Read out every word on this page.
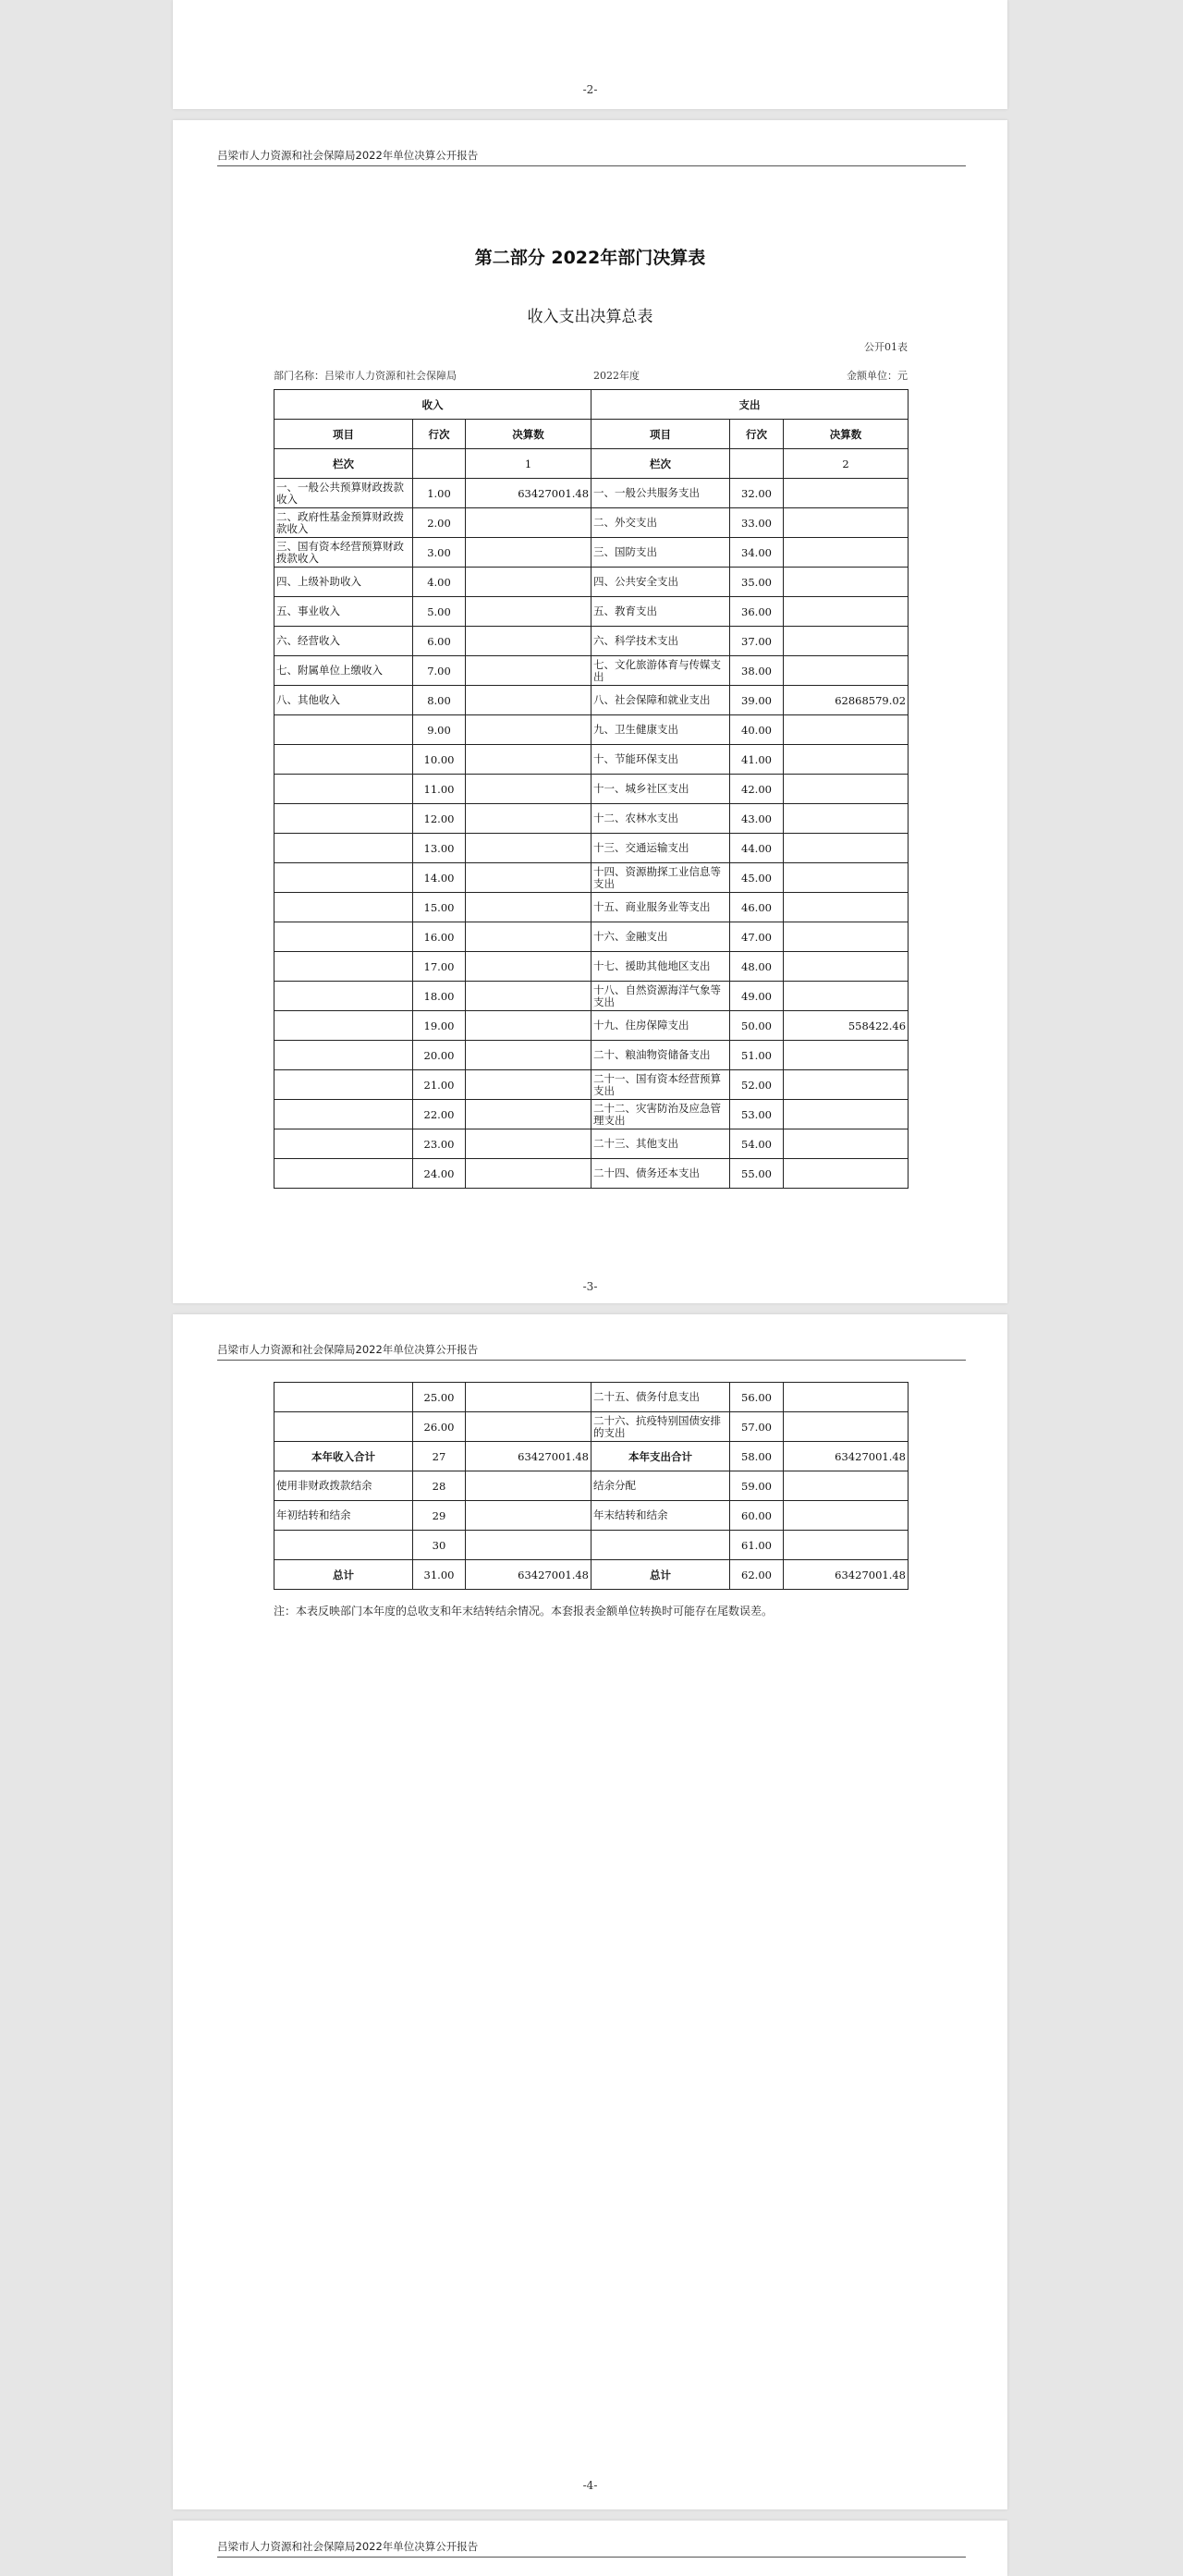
-2-
吕梁市人力资源和社会保障局2022年单位决算公开报告
第二部分 2022年部门决算表
收入支出决算总表
公开01表
部门名称：吕梁市人力资源和社会保障局	2022年度	金额单位：元
收入			支出		
项目	行次	决算数	项目	行次	决算数
栏次		1	栏次		2
一、一般公共预算财政拨款收入	1.00	63427001.48	一、一般公共服务支出	32.00	
二、政府性基金预算财政拨款收入	2.00		二、外交支出	33.00	
三、国有资本经营预算财政拨款收入	3.00		三、国防支出	34.00	
四、上级补助收入	4.00		四、公共安全支出	35.00	
五、事业收入	5.00		五、教育支出	36.00	
六、经营收入	6.00		六、科学技术支出	37.00	
七、附属单位上缴收入	7.00		七、文化旅游体育与传媒支出	38.00	
八、其他收入	8.00		八、社会保障和就业支出	39.00	62868579.02
	9.00		九、卫生健康支出	40.00	
	10.00		十、节能环保支出	41.00	
	11.00		十一、城乡社区支出	42.00	
	12.00		十二、农林水支出	43.00	
	13.00		十三、交通运输支出	44.00	
	14.00		十四、资源勘探工业信息等支出	45.00	
	15.00		十五、商业服务业等支出	46.00	
	16.00		十六、金融支出	47.00	
	17.00		十七、援助其他地区支出	48.00	
	18.00		十八、自然资源海洋气象等支出	49.00	
	19.00		十九、住房保障支出	50.00	558422.46
	20.00		二十、粮油物资储备支出	51.00	
	21.00		二十一、国有资本经营预算支出	52.00	
	22.00		二十二、灾害防治及应急管理支出	53.00	
	23.00		二十三、其他支出	54.00	
	24.00		二十四、债务还本支出	55.00	
-3-
吕梁市人力资源和社会保障局2022年单位决算公开报告
	25.00		二十五、债务付息支出	56.00	
	26.00		二十六、抗疫特别国债安排的支出	57.00	
本年收入合计	27	63427001.48	本年支出合计	58.00	63427001.48
使用非财政拨款结余	28		结余分配	59.00	
年初结转和结余	29		年末结转和结余	60.00	
	30			61.00	
总计	31.00	63427001.48	总计	62.00	63427001.48
注：本表反映部门本年度的总收支和年末结转结余情况。本套报表金额单位转换时可能存在尾数误差。
-4-
吕梁市人力资源和社会保障局2022年单位决算公开报告
